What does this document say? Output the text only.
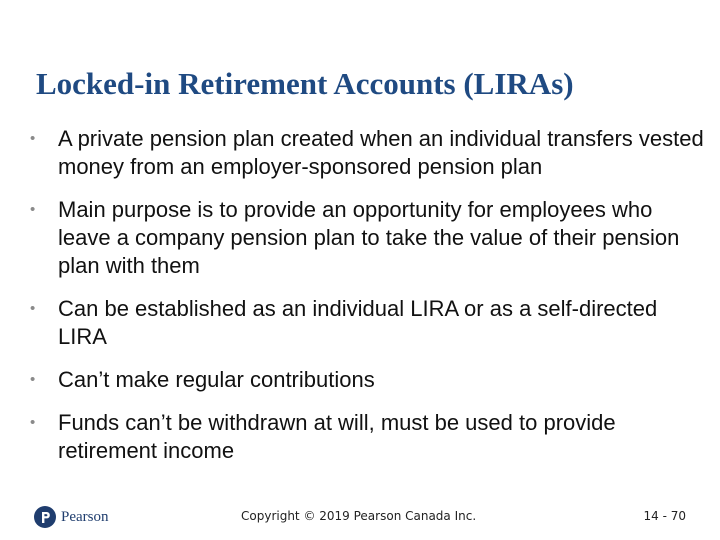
Locked-in Retirement Accounts (LIRAs)
• A private pension plan created when an individual transfers vested money from an employer-sponsored pension plan
• Main purpose is to provide an opportunity for employees who leave a company pension plan to take the value of their pension plan with them
• Can be established as an individual LIRA or as a self-directed LIRA
• Can’t make regular contributions
• Funds can’t be withdrawn at will, must be used to provide retirement income
Pearson	Copyright © 2019 Pearson Canada Inc.	14 - 70
